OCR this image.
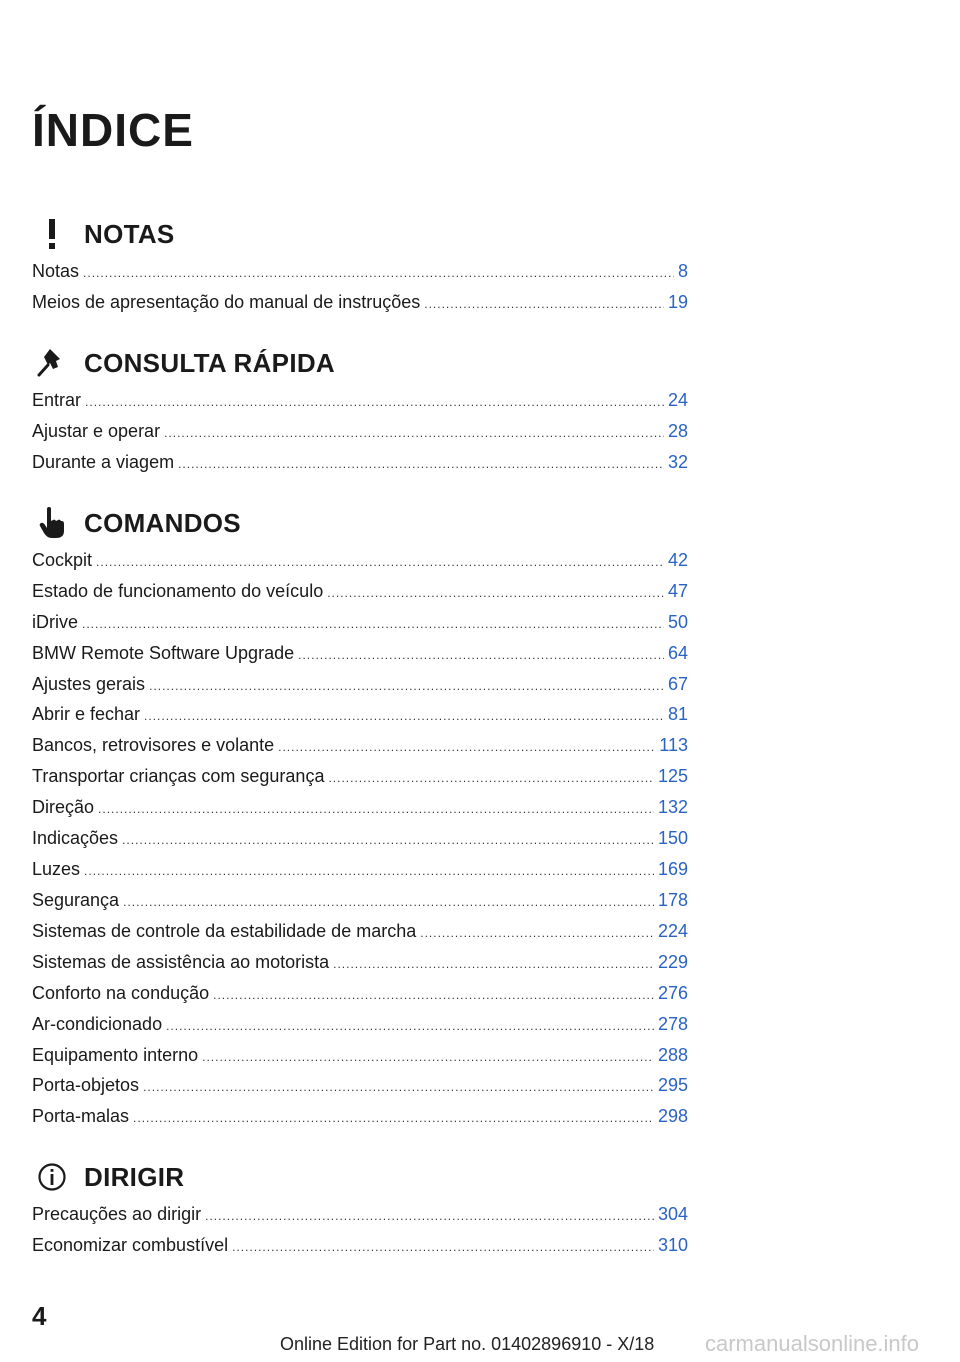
ÍNDICE
NOTAS
Notas .....	8
Meios de apresentação do manual de instruções .....	19
CONSULTA RÁPIDA
Entrar .....	24
Ajustar e operar .....	28
Durante a viagem .....	32
COMANDOS
Cockpit .....	42
Estado de funcionamento do veículo .....	47
iDrive .....	50
BMW Remote Software Upgrade .....	64
Ajustes gerais .....	67
Abrir e fechar .....	81
Bancos, retrovisores e volante .....	113
Transportar crianças com segurança .....	125
Direção .....	132
Indicações .....	150
Luzes .....	169
Segurança .....	178
Sistemas de controle da estabilidade de marcha .....	224
Sistemas de assistência ao motorista .....	229
Conforto na condução .....	276
Ar-condicionado .....	278
Equipamento interno .....	288
Porta-objetos .....	295
Porta-malas .....	298
DIRIGIR
Precauções ao dirigir .....	304
Economizar combustível .....	310
4
Online Edition for Part no. 01402896910 - X/18 carmanualsonline.info
